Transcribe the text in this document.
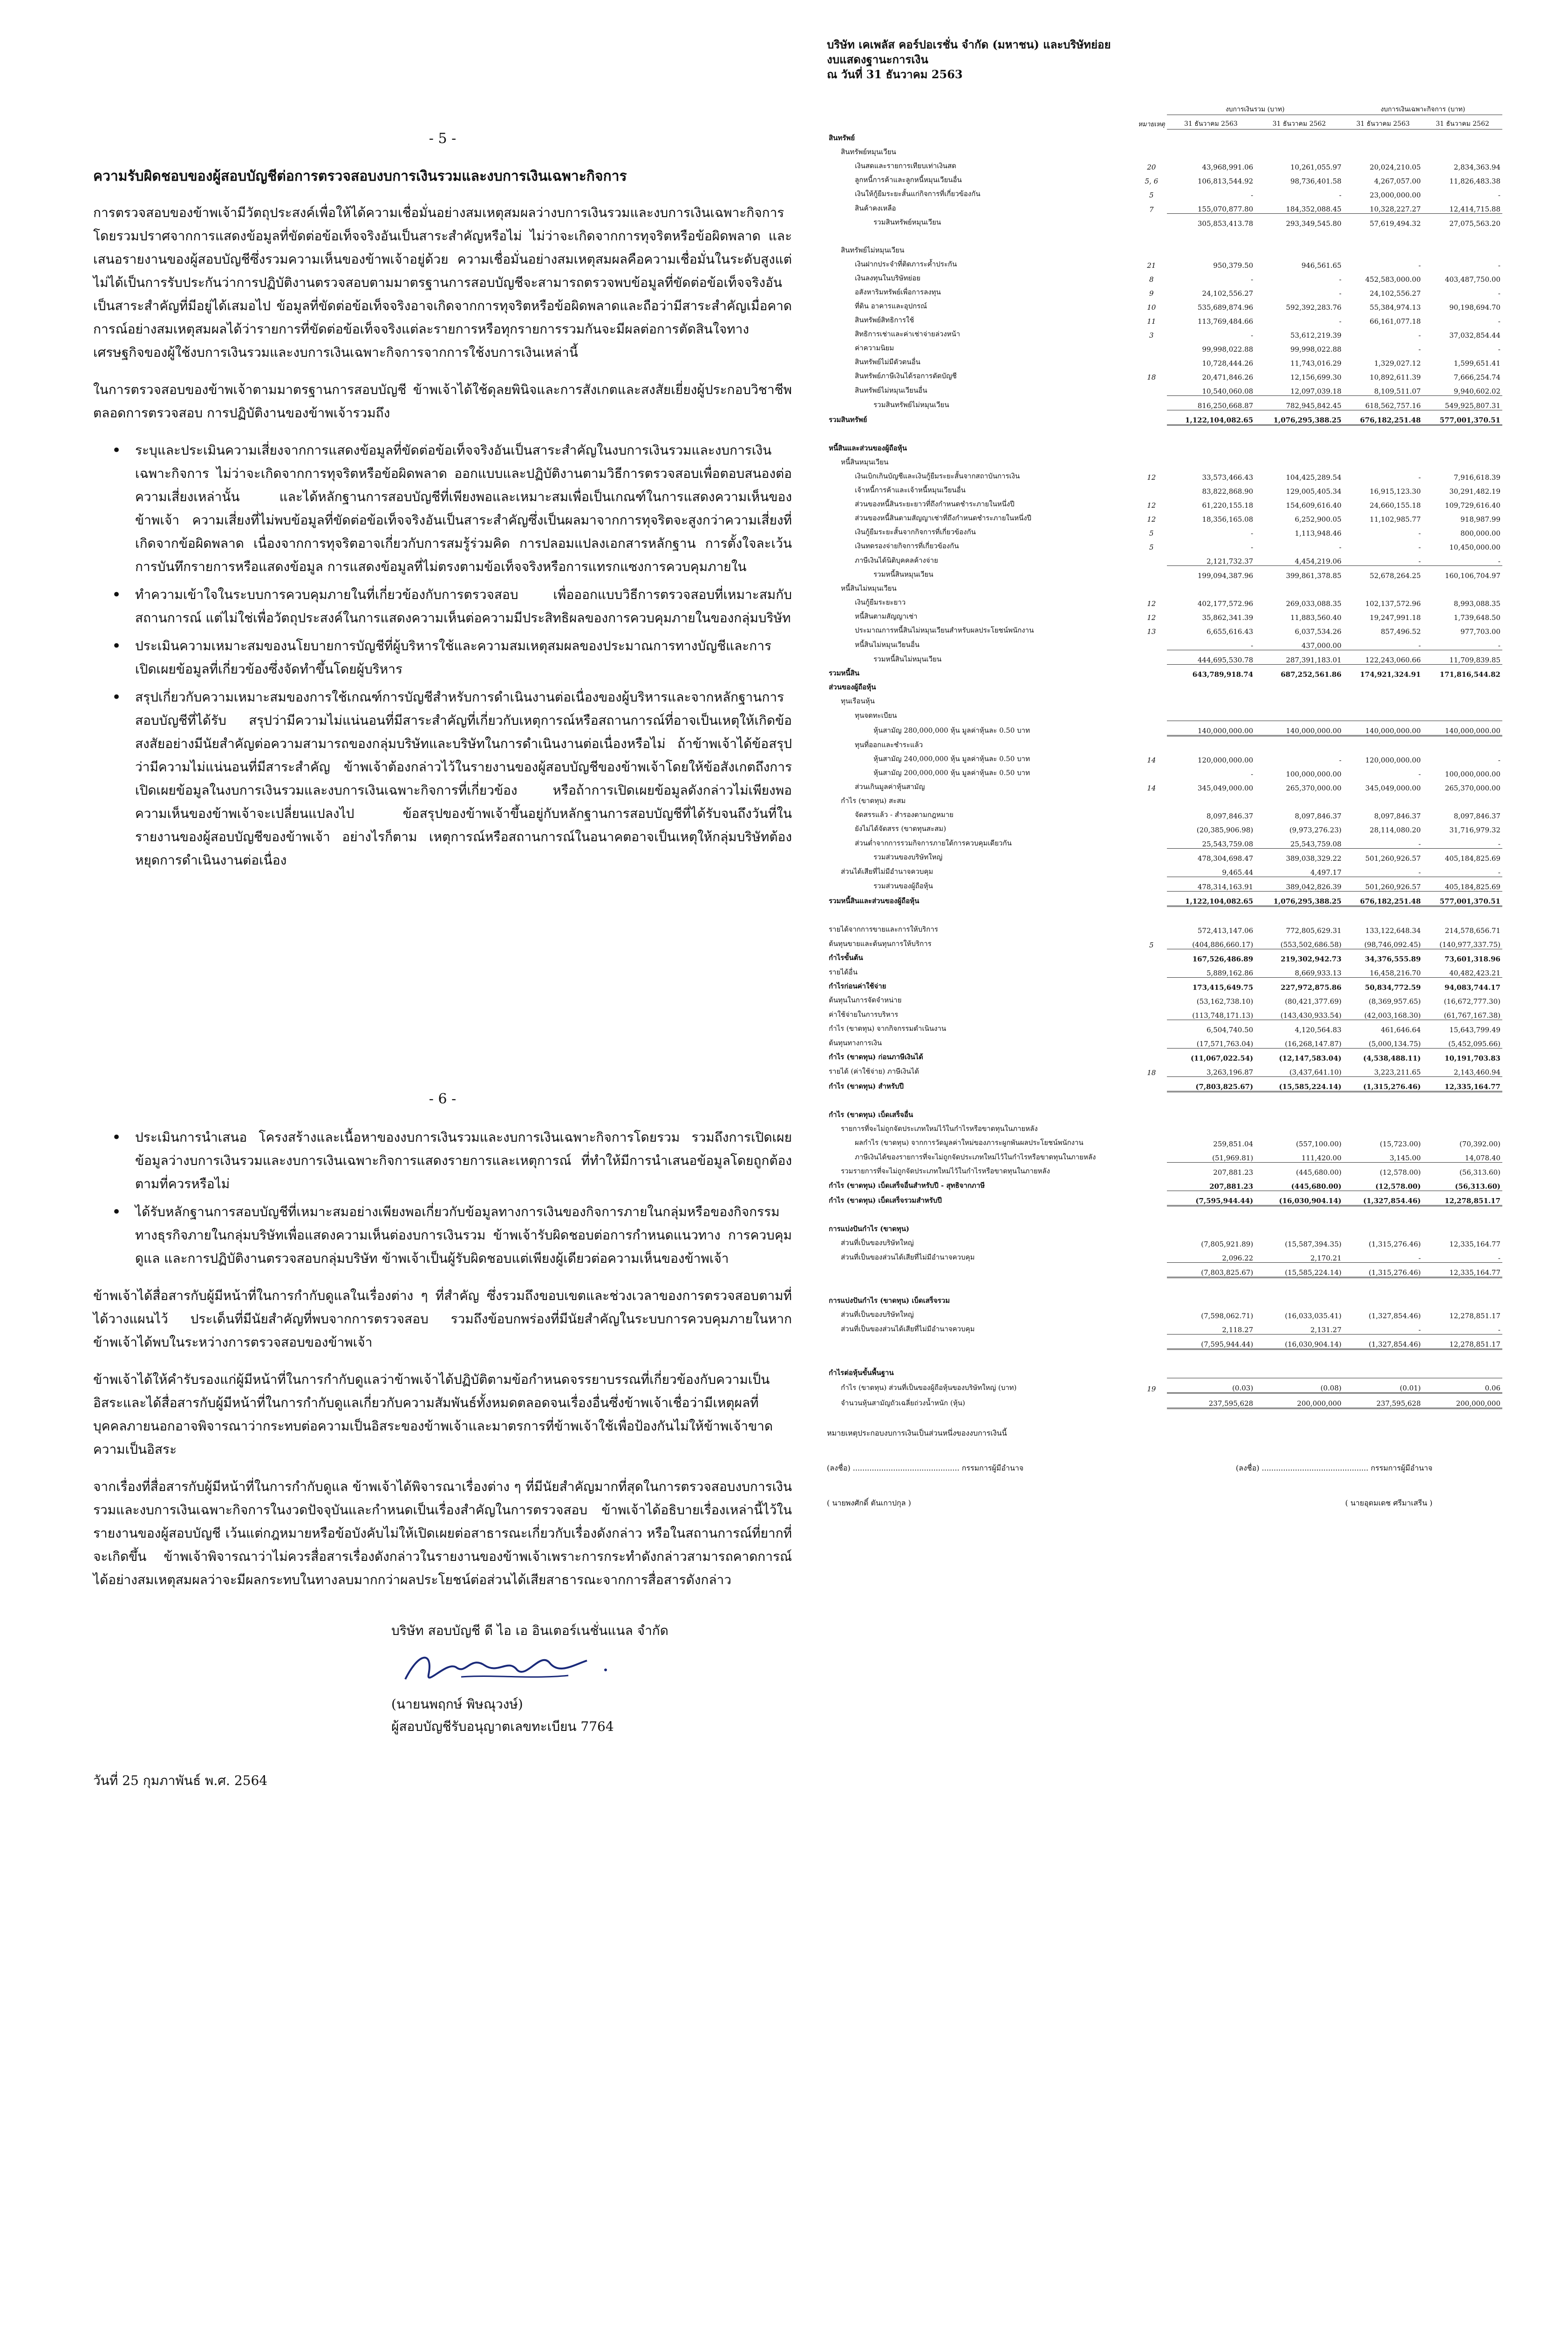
- 5 -
ความรับผิดชอบของผู้สอบบัญชีต่อการตรวจสอบงบการเงินรวมและงบการเงินเฉพาะกิจการ

การตรวจสอบของข้าพเจ้ามีวัตถุประสงค์เพื่อให้ได้ความเชื่อมั่นอย่างสมเหตุสมผลว่างบการเงินรวมและงบการเงินเฉพาะกิจการโดยรวมปราศจากการแสดงข้อมูลที่ขัดต่อข้อเท็จจริงอันเป็นสาระสำคัญหรือไม่ ไม่ว่าจะเกิดจากการทุจริตหรือข้อผิดพลาด และเสนอรายงานของผู้สอบบัญชีซึ่งรวมความเห็นของข้าพเจ้าอยู่ด้วย ความเชื่อมั่นอย่างสมเหตุสมผลคือความเชื่อมั่นในระดับสูงแต่ไม่ได้เป็นการรับประกันว่าการปฏิบัติงานตรวจสอบตามมาตรฐานการสอบบัญชีจะสามารถตรวจพบข้อมูลที่ขัดต่อข้อเท็จจริงอันเป็นสาระสำคัญที่มีอยู่ได้เสมอไป ข้อมูลที่ขัดต่อข้อเท็จจริงอาจเกิดจากการทุจริตหรือข้อผิดพลาดและถือว่ามีสาระสำคัญเมื่อคาดการณ์อย่างสมเหตุสมผลได้ว่ารายการที่ขัดต่อข้อเท็จจริงแต่ละรายการหรือทุกรายการรวมกันจะมีผลต่อการตัดสินใจทางเศรษฐกิจของผู้ใช้งบการเงินรวมและงบการเงินเฉพาะกิจการจากการใช้งบการเงินเหล่านี้

ในการตรวจสอบของข้าพเจ้าตามมาตรฐานการสอบบัญชี ข้าพเจ้าได้ใช้ดุลยพินิจและการสังเกตและสงสัยเยี่ยงผู้ประกอบวิชาชีพตลอดการตรวจสอบ การปฏิบัติงานของข้าพเจ้ารวมถึง

• ระบุและประเมินความเสี่ยงจากการแสดงข้อมูลที่ขัดต่อข้อเท็จจริงอันเป็นสาระสำคัญในงบการเงินรวมและงบการเงินเฉพาะกิจการ ไม่ว่าจะเกิดจากการทุจริตหรือข้อผิดพลาด ออกแบบและปฏิบัติงานตามวิธีการตรวจสอบเพื่อตอบสนองต่อความเสี่ยงเหล่านั้น และได้หลักฐานการสอบบัญชีที่เพียงพอและเหมาะสมเพื่อเป็นเกณฑ์ในการแสดงความเห็นของข้าพเจ้า ความเสี่ยงที่ไม่พบข้อมูลที่ขัดต่อข้อเท็จจริงอันเป็นสาระสำคัญซึ่งเป็นผลมาจากการทุจริตจะสูงกว่าความเสี่ยงที่เกิดจากข้อผิดพลาด เนื่องจากการทุจริตอาจเกี่ยวกับการสมรู้ร่วมคิด การปลอมแปลงเอกสารหลักฐาน การตั้งใจละเว้นการบันทึกรายการหรือแสดงข้อมูล การแสดงข้อมูลที่ไม่ตรงตามข้อเท็จจริงหรือการแทรกแซงการควบคุมภายใน
• ทำความเข้าใจในระบบการควบคุมภายในที่เกี่ยวข้องกับการตรวจสอบ เพื่อออกแบบวิธีการตรวจสอบที่เหมาะสมกับสถานการณ์ แต่ไม่ใช่เพื่อวัตถุประสงค์ในการแสดงความเห็นต่อความมีประสิทธิผลของการควบคุมภายในของกลุ่มบริษัท
• ประเมินความเหมาะสมของนโยบายการบัญชีที่ผู้บริหารใช้และความสมเหตุสมผลของประมาณการทางบัญชีและการเปิดเผยข้อมูลที่เกี่ยวข้องซึ่งจัดทำขึ้นโดยผู้บริหาร
• สรุปเกี่ยวกับความเหมาะสมของการใช้เกณฑ์การบัญชีสำหรับการดำเนินงานต่อเนื่องของผู้บริหารและจากหลักฐานการสอบบัญชีที่ได้รับ สรุปว่ามีความไม่แน่นอนที่มีสาระสำคัญที่เกี่ยวกับเหตุการณ์หรือสถานการณ์ที่อาจเป็นเหตุให้เกิดข้อสงสัยอย่างมีนัยสำคัญต่อความสามารถของกลุ่มบริษัทและบริษัทในการดำเนินงานต่อเนื่องหรือไม่ ถ้าข้าพเจ้าได้ข้อสรุปว่ามีความไม่แน่นอนที่มีสาระสำคัญ ข้าพเจ้าต้องกล่าวไว้ในรายงานของผู้สอบบัญชีของข้าพเจ้าโดยให้ข้อสังเกตถึงการเปิดเผยข้อมูลในงบการเงินรวมและงบการเงินเฉพาะกิจการที่เกี่ยวข้อง หรือถ้าการเปิดเผยข้อมูลดังกล่าวไม่เพียงพอ ความเห็นของข้าพเจ้าจะเปลี่ยนแปลงไป ข้อสรุปของข้าพเจ้าขึ้นอยู่กับหลักฐานการสอบบัญชีที่ได้รับจนถึงวันที่ในรายงานของผู้สอบบัญชีของข้าพเจ้า อย่างไรก็ตาม เหตุการณ์หรือสถานการณ์ในอนาคตอาจเป็นเหตุให้กลุ่มบริษัทต้องหยุดการดำเนินงานต่อเนื่อง
- 6 -
• ประเมินการนำเสนอ โครงสร้างและเนื้อหาของงบการเงินรวมและงบการเงินเฉพาะกิจการโดยรวม รวมถึงการเปิดเผยข้อมูลว่างบการเงินรวมและงบการเงินเฉพาะกิจการแสดงรายการและเหตุการณ์ ที่ทำให้มีการนำเสนอข้อมูลโดยถูกต้องตามที่ควรหรือไม่
• ได้รับหลักฐานการสอบบัญชีที่เหมาะสมอย่างเพียงพอเกี่ยวกับข้อมูลทางการเงินของกิจการภายในกลุ่มหรือของกิจกรรมทางธุรกิจภายในกลุ่มบริษัทเพื่อแสดงความเห็นต่องบการเงินรวม ข้าพเจ้ารับผิดชอบต่อการกำหนดแนวทาง การควบคุมดูแล และการปฏิบัติงานตรวจสอบกลุ่มบริษัท ข้าพเจ้าเป็นผู้รับผิดชอบแต่เพียงผู้เดียวต่อความเห็นของข้าพเจ้า

ข้าพเจ้าได้สื่อสารกับผู้มีหน้าที่ในการกำกับดูแลในเรื่องต่าง ๆ ที่สำคัญ ซึ่งรวมถึงขอบเขตและช่วงเวลาของการตรวจสอบตามที่ได้วางแผนไว้ ประเด็นที่มีนัยสำคัญที่พบจากการตรวจสอบ รวมถึงข้อบกพร่องที่มีนัยสำคัญในระบบการควบคุมภายในหากข้าพเจ้าได้พบในระหว่างการตรวจสอบของข้าพเจ้า

ข้าพเจ้าได้ให้คำรับรองแก่ผู้มีหน้าที่ในการกำกับดูแลว่าข้าพเจ้าได้ปฏิบัติตามข้อกำหนดจรรยาบรรณที่เกี่ยวข้องกับความเป็นอิสระและได้สื่อสารกับผู้มีหน้าที่ในการกำกับดูแลเกี่ยวกับความสัมพันธ์ทั้งหมดตลอดจนเรื่องอื่นซึ่งข้าพเจ้าเชื่อว่ามีเหตุผลที่บุคคลภายนอกอาจพิจารณาว่ากระทบต่อความเป็นอิสระของข้าพเจ้าและมาตรการที่ข้าพเจ้าใช้เพื่อป้องกันไม่ให้ข้าพเจ้าขาดความเป็นอิสระ

จากเรื่องที่สื่อสารกับผู้มีหน้าที่ในการกำกับดูแล ข้าพเจ้าได้พิจารณาเรื่องต่าง ๆ ที่มีนัยสำคัญมากที่สุดในการตรวจสอบงบการเงินรวมและงบการเงินเฉพาะกิจการในงวดปัจจุบันและกำหนดเป็นเรื่องสำคัญในการตรวจสอบ ข้าพเจ้าได้อธิบายเรื่องเหล่านี้ไว้ในรายงานของผู้สอบบัญชี เว้นแต่กฎหมายหรือข้อบังคับไม่ให้เปิดเผยต่อสาธารณะเกี่ยวกับเรื่องดังกล่าว หรือในสถานการณ์ที่ยากที่จะเกิดขึ้น ข้าพเจ้าพิจารณาว่าไม่ควรสื่อสารเรื่องดังกล่าวในรายงานของข้าพเจ้าเพราะการกระทำดังกล่าวสามารถคาดการณ์ได้อย่างสมเหตุสมผลว่าจะมีผลกระทบในทางลบมากกว่าผลประโยชน์ต่อส่วนได้เสียสาธารณะจากการสื่อสารดังกล่าว

บริษัท สอบบัญชี ดี ไอ เอ อินเตอร์เนชั่นแนล จำกัด
(นายนพฤกษ์ พิษณุวงษ์)
ผู้สอบบัญชีรับอนุญาตเลขทะเบียน 7764
วันที่ 25 กุมภาพันธ์ พ.ศ. 2564
บริษัท เคเพลัส คอร์ปอเรชั่น จำกัด (มหาชน) และบริษัทย่อย
งบแสดงฐานะการเงิน
ณ วันที่ 31 ธันวาคม 2563
		งบการเงินรวม (บาท)		งบการเงินเฉพาะกิจการ (บาท)	
	หมายเหตุ	31 ธันวาคม 2563	31 ธันวาคม 2562	31 ธันวาคม 2563	31 ธันวาคม 2562
สินทรัพย์					
สินทรัพย์หมุนเวียน					
เงินสดและรายการเทียบเท่าเงินสด	20	43,968,991.06	10,261,055.97	20,024,210.05	2,834,363.94
ลูกหนี้การค้าและลูกหนี้หมุนเวียนอื่น	5, 6	106,813,544.92	98,736,401.58	4,267,057.00	11,826,483.38
เงินให้กู้ยืมระยะสั้นแก่กิจการที่เกี่ยวข้องกัน	5	-	-	23,000,000.00	-
สินค้าคงเหลือ	7	155,070,877.80	184,352,088.45	10,328,227.27	12,414,715.88
รวมสินทรัพย์หมุนเวียน		305,853,413.78	293,349,545.80	57,619,494.32	27,075,563.20

สินทรัพย์ไม่หมุนเวียน					
เงินฝากประจำที่ติดภาระค้ำประกัน	21	950,379.50	946,561.65	-	-
เงินลงทุนในบริษัทย่อย	8	-	-	452,583,000.00	403,487,750.00
อสังหาริมทรัพย์เพื่อการลงทุน	9	24,102,556.27	-	24,102,556.27	-
ที่ดิน อาคารและอุปกรณ์	10	535,689,874.96	592,392,283.76	55,384,974.13	90,198,694.70
สินทรัพย์สิทธิการใช้	11	113,769,484.66	-	66,161,077.18	-
สิทธิการเช่าและค่าเช่าจ่ายล่วงหน้า	3	-	53,612,219.39	-	37,032,854.44
ค่าความนิยม		99,998,022.88	99,998,022.88	-	-
สินทรัพย์ไม่มีตัวตนอื่น		10,728,444.26	11,743,016.29	1,329,027.12	1,599,651.41
สินทรัพย์ภาษีเงินได้รอการตัดบัญชี	18	20,471,846.26	12,156,699.30	10,892,611.39	7,666,254.74
สินทรัพย์ไม่หมุนเวียนอื่น		10,540,060.08	12,097,039.18	8,109,511.07	9,940,602.02
รวมสินทรัพย์ไม่หมุนเวียน		816,250,668.87	782,945,842.45	618,562,757.16	549,925,807.31
รวมสินทรัพย์		1,122,104,082.65	1,076,295,388.25	676,182,251.48	577,001,370.51

หนี้สินและส่วนของผู้ถือหุ้น					
หนี้สินหมุนเวียน					
เงินเบิกเกินบัญชีและเงินกู้ยืมระยะสั้นจากสถาบันการเงิน	12	33,573,466.43	104,425,289.54	-	7,916,618.39
เจ้าหนี้การค้าและเจ้าหนี้หมุนเวียนอื่น		83,822,868.90	129,005,405.34	16,915,123.30	30,291,482.19
ส่วนของหนี้สินระยะยาวที่ถึงกำหนดชำระภายในหนึ่งปี	12	61,220,155.18	154,609,616.40	24,660,155.18	109,729,616.40
ส่วนของหนี้สินตามสัญญาเช่าที่ถึงกำหนดชำระภายในหนึ่งปี	12	18,356,165.08	6,252,900.05	11,102,985.77	918,987.99
เงินกู้ยืมระยะสั้นจากกิจการที่เกี่ยวข้องกัน	5	-	1,113,948.46	-	800,000.00
เงินทดรองจ่ายกิจการที่เกี่ยวข้องกัน	5	-	-	-	10,450,000.00
ภาษีเงินได้นิติบุคคลค้างจ่าย		2,121,732.37	4,454,219.06	-	-
รวมหนี้สินหมุนเวียน		199,094,387.96	399,861,378.85	52,678,264.25	160,106,704.97
หนี้สินไม่หมุนเวียน					
เงินกู้ยืมระยะยาว	12	402,177,572.96	269,033,088.35	102,137,572.96	8,993,088.35
หนี้สินตามสัญญาเช่า	12	35,862,341.39	11,883,560.40	19,247,991.18	1,739,648.50
ประมาณการหนี้สินไม่หมุนเวียนสำหรับผลประโยชน์พนักงาน	13	6,655,616.43	6,037,534.26	857,496.52	977,703.00
หนี้สินไม่หมุนเวียนอื่น		-	437,000.00	-	-
รวมหนี้สินไม่หมุนเวียน		444,695,530.78	287,391,183.01	122,243,060.66	11,709,839.85
รวมหนี้สิน		643,789,918.74	687,252,561.86	174,921,324.91	171,816,544.82
ส่วนของผู้ถือหุ้น					
ทุนเรือนหุ้น					
ทุนจดทะเบียน					
หุ้นสามัญ 280,000,000 หุ้น มูลค่าหุ้นละ 0.50 บาท		140,000,000.00	140,000,000.00	140,000,000.00	140,000,000.00
ทุนที่ออกและชำระแล้ว					
หุ้นสามัญ 240,000,000 หุ้น มูลค่าหุ้นละ 0.50 บาท	14	120,000,000.00	-	120,000,000.00	-
หุ้นสามัญ 200,000,000 หุ้น มูลค่าหุ้นละ 0.50 บาท		-	100,000,000.00	-	100,000,000.00
ส่วนเกินมูลค่าหุ้นสามัญ	14	345,049,000.00	265,370,000.00	345,049,000.00	265,370,000.00
กำไร (ขาดทุน) สะสม					
จัดสรรแล้ว - สำรองตามกฎหมาย		8,097,846.37	8,097,846.37	8,097,846.37	8,097,846.37
ยังไม่ได้จัดสรร (ขาดทุนสะสม)		(20,385,906.98)	(9,973,276.23)	28,114,080.20	31,716,979.32
ส่วนต่ำจากการรวมกิจการภายใต้การควบคุมเดียวกัน		25,543,759.08	25,543,759.08	-	-
รวมส่วนของบริษัทใหญ่		478,304,698.47	389,038,329.22	501,260,926.57	405,184,825.69
ส่วนได้เสียที่ไม่มีอำนาจควบคุม		9,465.44	4,497.17	-	-
รวมส่วนของผู้ถือหุ้น		478,314,163.91	389,042,826.39	501,260,926.57	405,184,825.69
รวมหนี้สินและส่วนของผู้ถือหุ้น		1,122,104,082.65	1,076,295,388.25	676,182,251.48	577,001,370.51

รายได้จากการขายและการให้บริการ		572,413,147.06	772,805,629.31	133,122,648.34	214,578,656.71
ต้นทุนขายและต้นทุนการให้บริการ	5	(404,886,660.17)	(553,502,686.58)	(98,746,092.45)	(140,977,337.75)
กำไรขั้นต้น		167,526,486.89	219,302,942.73	34,376,555.89	73,601,318.96
รายได้อื่น		5,889,162.86	8,669,933.13	16,458,216.70	40,482,423.21
กำไรก่อนค่าใช้จ่าย		173,415,649.75	227,972,875.86	50,834,772.59	94,083,744.17
ต้นทุนในการจัดจำหน่าย		(53,162,738.10)	(80,421,377.69)	(8,369,957.65)	(16,672,777.30)
ค่าใช้จ่ายในการบริหาร		(113,748,171.13)	(143,430,933.54)	(42,003,168.30)	(61,767,167.38)
กำไร (ขาดทุน) จากกิจกรรมดำเนินงาน		6,504,740.50	4,120,564.83	461,646.64	15,643,799.49
ต้นทุนทางการเงิน		(17,571,763.04)	(16,268,147.87)	(5,000,134.75)	(5,452,095.66)
กำไร (ขาดทุน) ก่อนภาษีเงินได้		(11,067,022.54)	(12,147,583.04)	(4,538,488.11)	10,191,703.83
รายได้ (ค่าใช้จ่าย) ภาษีเงินได้	18	3,263,196.87	(3,437,641.10)	3,223,211.65	2,143,460.94
กำไร (ขาดทุน) สำหรับปี		(7,803,825.67)	(15,585,224.14)	(1,315,276.46)	12,335,164.77

กำไร (ขาดทุน) เบ็ดเสร็จอื่น					
รายการที่จะไม่ถูกจัดประเภทใหม่ไว้ในกำไรหรือขาดทุนในภายหลัง					
ผลกำไร (ขาดทุน) จากการวัดมูลค่าใหม่ของภาระผูกพันผลประโยชน์พนักงาน		259,851.04	(557,100.00)	(15,723.00)	(70,392.00)
ภาษีเงินได้ของรายการที่จะไม่ถูกจัดประเภทใหม่ไว้ในกำไรหรือขาดทุนในภายหลัง		(51,969.81)	111,420.00	3,145.00	14,078.40
รวมรายการที่จะไม่ถูกจัดประเภทใหม่ไว้ในกำไรหรือขาดทุนในภายหลัง		207,881.23	(445,680.00)	(12,578.00)	(56,313.60)
กำไร (ขาดทุน) เบ็ดเสร็จอื่นสำหรับปี - สุทธิจากภาษี		207,881.23	(445,680.00)	(12,578.00)	(56,313.60)
กำไร (ขาดทุน) เบ็ดเสร็จรวมสำหรับปี		(7,595,944.44)	(16,030,904.14)	(1,327,854.46)	12,278,851.17

การแบ่งปันกำไร (ขาดทุน)					
ส่วนที่เป็นของบริษัทใหญ่		(7,805,921.89)	(15,587,394.35)	(1,315,276.46)	12,335,164.77
ส่วนที่เป็นของส่วนได้เสียที่ไม่มีอำนาจควบคุม		2,096.22	2,170.21	-	-
		(7,803,825.67)	(15,585,224.14)	(1,315,276.46)	12,335,164.77

การแบ่งปันกำไร (ขาดทุน) เบ็ดเสร็จรวม					
ส่วนที่เป็นของบริษัทใหญ่		(7,598,062.71)	(16,033,035.41)	(1,327,854.46)	12,278,851.17
ส่วนที่เป็นของส่วนได้เสียที่ไม่มีอำนาจควบคุม		2,118.27	2,131.27	-	-
		(7,595,944.44)	(16,030,904.14)	(1,327,854.46)	12,278,851.17

กำไรต่อหุ้นขั้นพื้นฐาน					
กำไร (ขาดทุน) ส่วนที่เป็นของผู้ถือหุ้นของบริษัทใหญ่ (บาท)	19	(0.03)	(0.08)	(0.01)	0.06
จำนวนหุ้นสามัญถัวเฉลี่ยถ่วงน้ำหนัก (หุ้น)		237,595,628	200,000,000	237,595,628	200,000,000
หมายเหตุประกอบงบการเงินเป็นส่วนหนึ่งของงบการเงินนี้
(ลงชื่อ) ............................................. กรรมการผู้มีอำนาจ	(ลงชื่อ) ............................................. กรรมการผู้มีอำนาจ
( นายพงศักดิ์ ตันเกาปกุล )	( นายอุดมเดช ศรีมาเสรีน )
